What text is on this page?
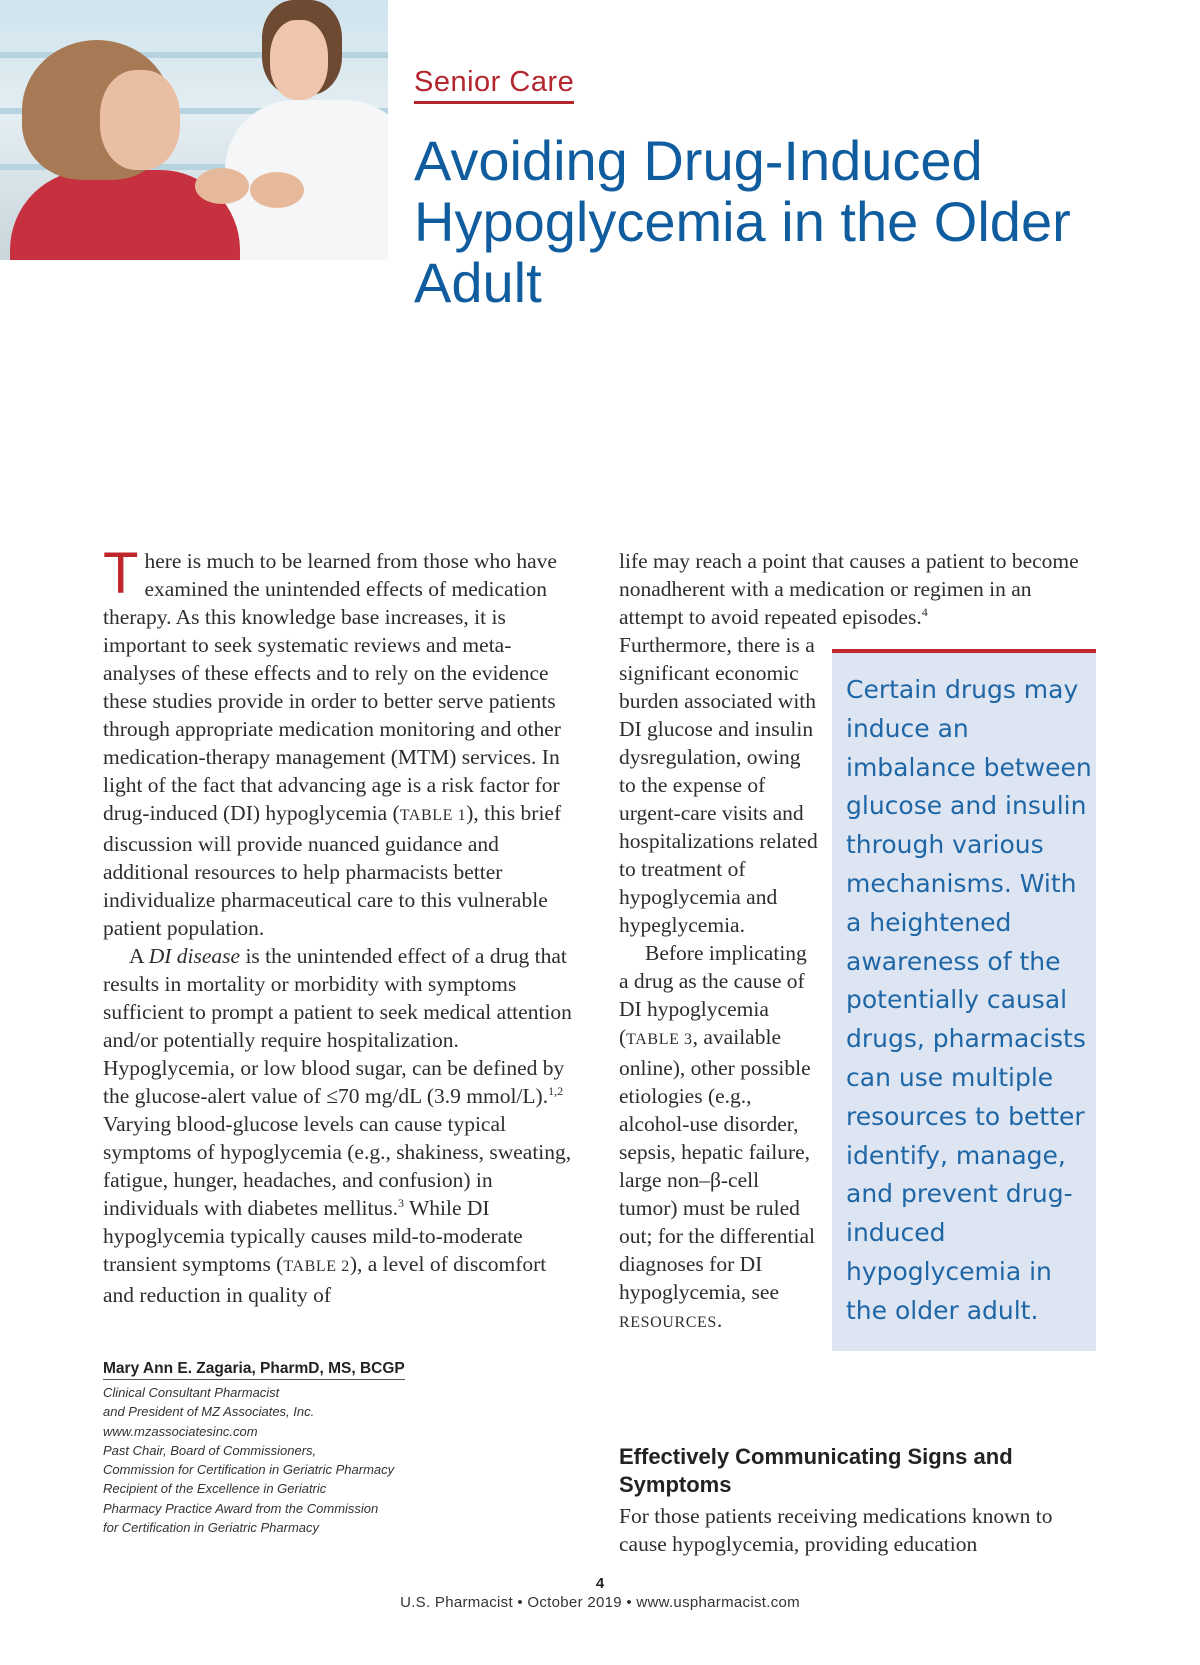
Senior Care
Avoiding Drug-Induced Hypoglycemia in the Older Adult

There is much to be learned from those who have examined the unintended effects of medication therapy. As this knowledge base increases, it is important to seek systematic reviews and meta-analyses of these effects and to rely on the evidence these studies provide in order to better serve patients through appropriate medication monitoring and other medication-therapy management (MTM) services. In light of the fact that advancing age is a risk factor for drug-induced (DI) hypoglycemia (TABLE 1), this brief discussion will provide nuanced guidance and additional resources to help pharmacists better individualize pharmaceutical care to this vulnerable patient population.

A DI disease is the unintended effect of a drug that results in mortality or morbidity with symptoms sufficient to prompt a patient to seek medical attention and/or potentially require hospitalization. Hypoglycemia, or low blood sugar, can be defined by the glucose-alert value of ≤70 mg/dL (3.9 mmol/L).$^{1,2}$ Varying blood-glucose levels can cause typical symptoms of hypoglycemia (e.g., shakiness, sweating, fatigue, hunger, headaches, and confusion) in individuals with diabetes mellitus.$^3$ While DI hypoglycemia typically causes mild-to-moderate transient symptoms (TABLE 2), a level of discomfort and reduction in quality of

life may reach a point that causes a patient to become nonadherent with a medication or regimen in an attempt to avoid repeated episodes.$^4$
Furthermore, there is a significant economic burden associated with DI glucose and insulin dysregulation, owing to the expense of urgent-care visits and hospitalizations related to treatment of hypoglycemia and hypeglycemia.

Before implicating a drug as the cause of DI hypoglycemia (TABLE 3, available online), other possible etiologies (e.g., alcohol-use disorder, sepsis, hepatic failure, large non–β-cell tumor) must be ruled out; for the differential diagnoses for DI hypoglycemia, see RESOURCES.

Certain drugs may induce an imbalance between glucose and insulin through various mechanisms. With a heightened awareness of the potentially causal drugs, pharmacists can use multiple resources to better identify, manage, and prevent drug-induced hypoglycemia in the older adult.
Mary Ann E. Zagaria, PharmD, MS, BCGP
Clinical Consultant Pharmacist
and President of MZ Associates, Inc.
www.mzassociatesinc.com
Past Chair, Board of Commissioners,
Commission for Certification in Geriatric Pharmacy
Recipient of the Excellence in Geriatric
Pharmacy Practice Award from the Commission
for Certification in Geriatric Pharmacy
Effectively Communicating Signs and Symptoms

For those patients receiving medications known to cause hypoglycemia, providing education

4
U.S. Pharmacist • October 2019 • www.uspharmacist.com
